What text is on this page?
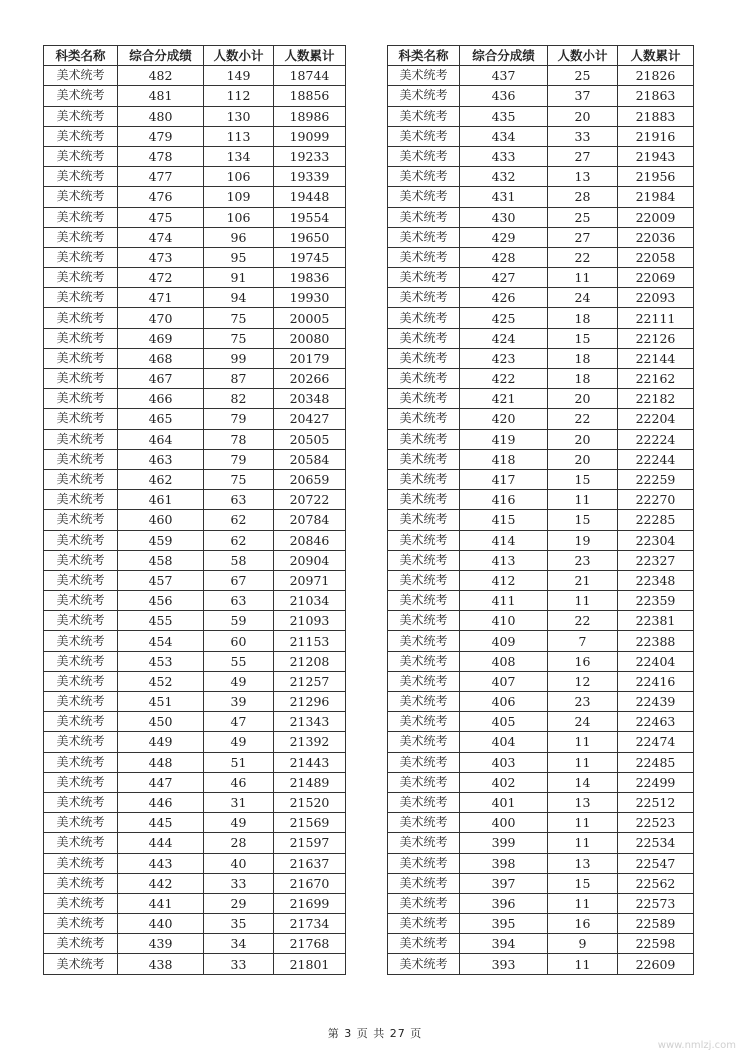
科类名称	综合分成绩	人数小计	人数累计
美术统考	482	149	18744
美术统考	481	112	18856
美术统考	480	130	18986
美术统考	479	113	19099
美术统考	478	134	19233
美术统考	477	106	19339
美术统考	476	109	19448
美术统考	475	106	19554
美术统考	474	96	19650
美术统考	473	95	19745
美术统考	472	91	19836
美术统考	471	94	19930
美术统考	470	75	20005
美术统考	469	75	20080
美术统考	468	99	20179
美术统考	467	87	20266
美术统考	466	82	20348
美术统考	465	79	20427
美术统考	464	78	20505
美术统考	463	79	20584
美术统考	462	75	20659
美术统考	461	63	20722
美术统考	460	62	20784
美术统考	459	62	20846
美术统考	458	58	20904
美术统考	457	67	20971
美术统考	456	63	21034
美术统考	455	59	21093
美术统考	454	60	21153
美术统考	453	55	21208
美术统考	452	49	21257
美术统考	451	39	21296
美术统考	450	47	21343
美术统考	449	49	21392
美术统考	448	51	21443
美术统考	447	46	21489
美术统考	446	31	21520
美术统考	445	49	21569
美术统考	444	28	21597
美术统考	443	40	21637
美术统考	442	33	21670
美术统考	441	29	21699
美术统考	440	35	21734
美术统考	439	34	21768
美术统考	438	33	21801
科类名称	综合分成绩	人数小计	人数累计
美术统考	437	25	21826
美术统考	436	37	21863
美术统考	435	20	21883
美术统考	434	33	21916
美术统考	433	27	21943
美术统考	432	13	21956
美术统考	431	28	21984
美术统考	430	25	22009
美术统考	429	27	22036
美术统考	428	22	22058
美术统考	427	11	22069
美术统考	426	24	22093
美术统考	425	18	22111
美术统考	424	15	22126
美术统考	423	18	22144
美术统考	422	18	22162
美术统考	421	20	22182
美术统考	420	22	22204
美术统考	419	20	22224
美术统考	418	20	22244
美术统考	417	15	22259
美术统考	416	11	22270
美术统考	415	15	22285
美术统考	414	19	22304
美术统考	413	23	22327
美术统考	412	21	22348
美术统考	411	11	22359
美术统考	410	22	22381
美术统考	409	7	22388
美术统考	408	16	22404
美术统考	407	12	22416
美术统考	406	23	22439
美术统考	405	24	22463
美术统考	404	11	22474
美术统考	403	11	22485
美术统考	402	14	22499
美术统考	401	13	22512
美术统考	400	11	22523
美术统考	399	11	22534
美术统考	398	13	22547
美术统考	397	15	22562
美术统考	396	11	22573
美术统考	395	16	22589
美术统考	394	9	22598
美术统考	393	11	22609
第 3 页 共 27 页
www.nmlzj.com
